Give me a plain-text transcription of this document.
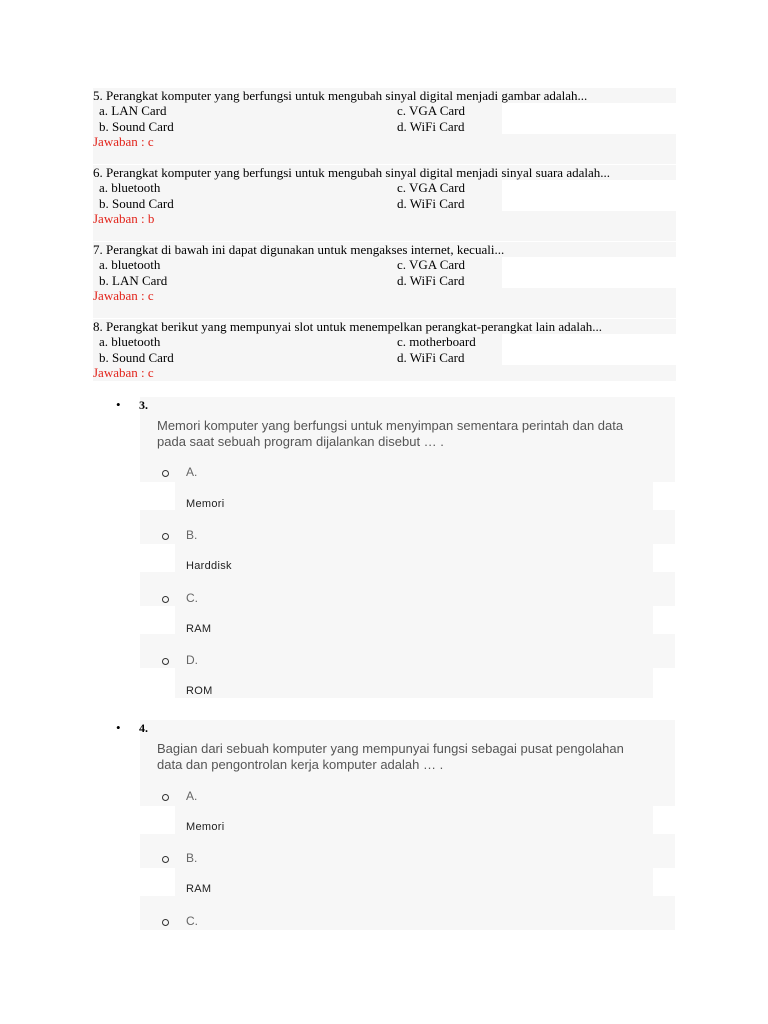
5. Perangkat komputer yang berfungsi untuk mengubah sinyal digital menjadi gambar adalah...
a. LAN Card	c. VGA Card
b. Sound Card	d. WiFi Card
Jawaban : c
6. Perangkat komputer yang berfungsi untuk mengubah sinyal digital menjadi sinyal suara adalah...
a. bluetooth	c. VGA Card
b. Sound Card	d. WiFi Card
Jawaban : b
7. Perangkat di bawah ini dapat digunakan untuk mengakses internet, kecuali...
a. bluetooth	c. VGA Card
b. LAN Card	d. WiFi Card
Jawaban : c
8. Perangkat berikut yang mempunyai slot untuk menempelkan perangkat-perangkat lain adalah...
a. bluetooth	c. motherboard
b. Sound Card	d. WiFi Card
Jawaban : c
• 3.
Memori komputer yang berfungsi untuk menyimpan sementara perintah dan data
pada saat sebuah program dijalankan disebut … .
A.
Memori
B.
Harddisk
C.
RAM
D.
ROM
• 4.
Bagian dari sebuah komputer yang mempunyai fungsi sebagai pusat pengolahan
data dan pengontrolan kerja komputer adalah … .
A.
Memori
B.
RAM
C.
